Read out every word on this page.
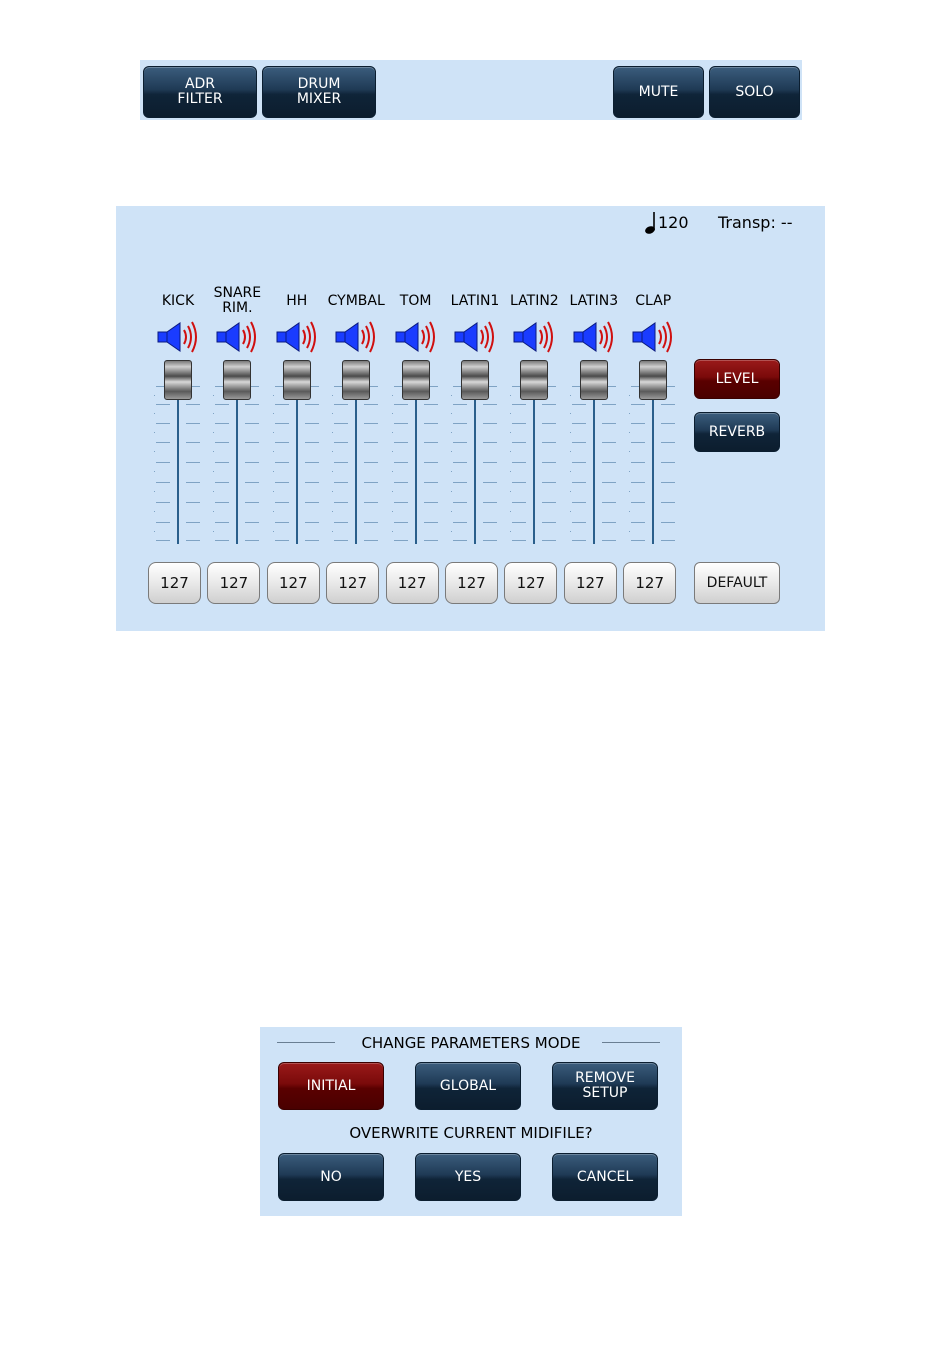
ADR
FILTER
DRUM
MIXER	MUTE	SOLO
120 Transp: --
KICK
127
SNARE
RIM.
127
HH
127
CYMBAL
127
TOM
127
LATIN1
127
LATIN2
127
LATIN3
127
CLAP
127
LEVEL
REVERB
DEFAULT
CHANGE PARAMETERS MODE
INITIAL	GLOBAL	REMOVE
SETUP
OVERWRITE CURRENT MIDIFILE?
NO	YES	CANCEL
